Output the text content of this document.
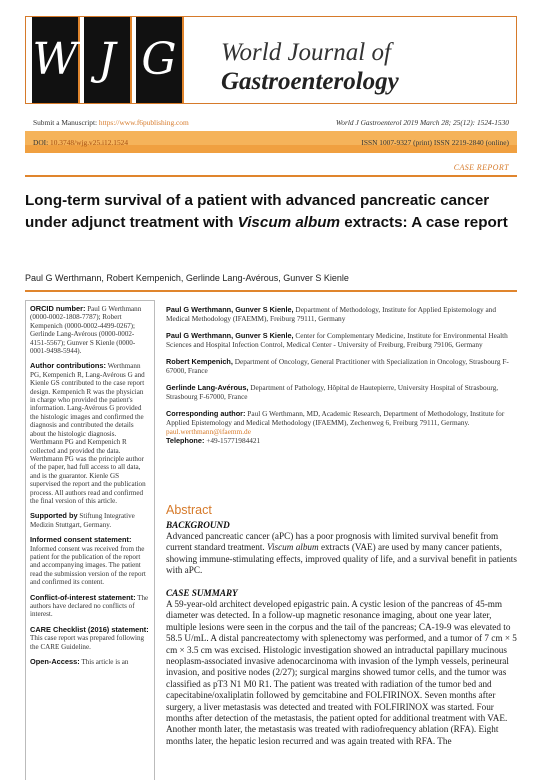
W J G World Journal of
Gastroenterology
Submit a Manuscript: https://www.f6publishing.com	World J Gastroenterol 2019 March 28; 25(12): 1524-1530
DOI: 10.3748/wjg.v25.i12.1524	ISSN 1007-9327 (print) ISSN 2219-2840 (online)
CASE REPORT
Long-term survival of a patient with advanced pancreatic cancer under adjunct treatment with Viscum album extracts: A case report
Paul G Werthmann, Robert Kempenich, Gerlinde Lang-Avérous, Gunver S Kienle
ORCID number: Paul G Werthmann (0000-0002-1808-7787); Robert Kempenich (0000-0002-4499-0267); Gerlinde Lang-Avérous (0000-0002-4151-5567); Gunver S Kienle (0000-0001-9498-5944).
Author contributions: Werthmann PG, Kempenich R, Lang-Avérous G and Kienle GS contributed to the case report design. Kempenich R was the physician in charge who provided the patient's information. Lang-Avérous G provided the histologic images and confirmed the diagnosis and contributed the details about the histologic diagnosis. Werthmann PG and Kempenich R collected and provided the data. Werthmann PG was the principle author of the paper, had full access to all data, and is the guarantor. Kienle GS supervised the report and the publication process. All authors read and confirmed the final version of this article.
Supported by Stiftung Integrative Medizin Stuttgart, Germany.
Informed consent statement: Informed consent was received from the patient for the publication of the report and accompanying images. The patient read the submission version of the report and confirmed its content.
Conflict-of-interest statement: The authors have declared no conflicts of interest.
CARE Checklist (2016) statement: This case report was prepared following the CARE Guideline.
Open-Access: This article is an
Paul G Werthmann, Gunver S Kienle, Department of Methodology, Institute for Applied Epistemology and Medical Methodology (IFAEMM), Freiburg 79111, Germany
Paul G Werthmann, Gunver S Kienle, Center for Complementary Medicine, Institute for Environmental Health Sciences and Hospital Infection Control, Medical Center - University of Freiburg, Freiburg 79106, Germany
Robert Kempenich, Department of Oncology, General Practitioner with Specialization in Oncology, Strasbourg F-67000, France
Gerlinde Lang-Avérous, Department of Pathology, Hôpital de Hautepierre, University Hospital of Strasbourg, Strasbourg F-67000, France
Corresponding author: Paul G Werthmann, MD, Academic Research, Department of Methodology, Institute for Applied Epistemology and Medical Methodology (IFAEMM), Zechenweg 6, Freiburg 79111, Germany. paul.werthmann@ifaemm.de
Telephone: +49-15771984421
Abstract
BACKGROUND
Advanced pancreatic cancer (aPC) has a poor prognosis with limited survival benefit from current standard treatment. Viscum album extracts (VAE) are used by many cancer patients, showing immune-stimulating effects, improved quality of life, and a survival benefit in patients with aPC.
CASE SUMMARY
A 59-year-old architect developed epigastric pain. A cystic lesion of the pancreas of 45-mm diameter was detected. In a follow-up magnetic resonance imaging, about one year later, multiple lesions were seen in the corpus and the tail of the pancreas; CA-19-9 was elevated to 58.5 U/mL. A distal pancreatectomy with splenectomy was performed, and a tumor of 7 cm × 5 cm × 3.5 cm was excised. Histologic investigation showed an intraductal papillary mucinous neoplasm-associated invasive adenocarcinoma with invasion of the lymph vessels, perineural invasion, and positive nodes (2/27); surgical margins showed tumor cells, and the tumor was classified as pT3 N1 M0 R1. The patient was treated with radiation of the tumor bed and capecitabine/oxaliplatin followed by gemcitabine and FOLFIRINOX. Seven months after surgery, a liver metastasis was detected and treated with FOLFIRINOX was started. Four months after detection of the metastasis, the patient opted for additional treatment with VAE. Another month later, the metastasis was treated with radiofrequency ablation (RFA). Eight months later, the hepatic lesion recurred and was again treated with RFA. The
